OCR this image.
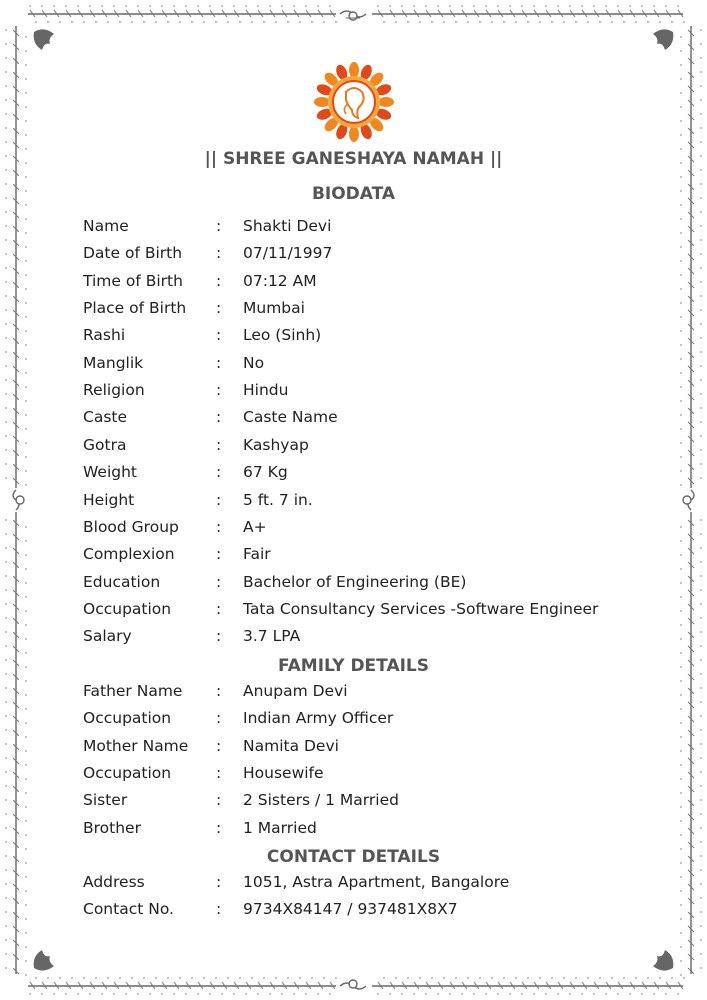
|| SHREE GANESHAYA NAMAH ||
BIODATA
Name	: Shakti Devi
Date of Birth : 07/11/1997
Time of Birth : 07:12 AM
Place of Birth : Mumbai
Rashi	: Leo (Sinh)
Manglik	: No
Religion	: Hindu
Caste	: Caste Name
Gotra	: Kashyap
Weight	: 67 Kg
Height	: 5 ft. 7 in.
Blood Group : A+
Complexion	: Fair
Education	: Bachelor of Engineering (BE)
Occupation	: Tata Consultancy Services -Software Engineer
Salary	: 3.7 LPA
FAMILY DETAILS
Father Name : Anupam Devi
Occupation	: Indian Army Officer
Mother Name : Namita Devi
Occupation	: Housewife
Sister	: 2 Sisters / 1 Married
Brother	: 1 Married
CONTACT DETAILS
Address	: 1051, Astra Apartment, Bangalore
Contact No.	: 9734X84147 / 937481X8X7
